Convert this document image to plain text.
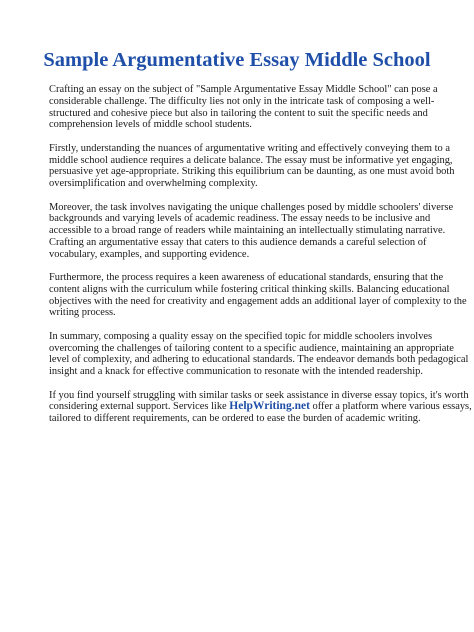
Sample Argumentative Essay Middle School

Crafting an essay on the subject of "Sample Argumentative Essay Middle School" can pose a
considerable challenge. The difficulty lies not only in the intricate task of composing a well-
structured and cohesive piece but also in tailoring the content to suit the specific needs and
comprehension levels of middle school students.

Firstly, understanding the nuances of argumentative writing and effectively conveying them to a
middle school audience requires a delicate balance. The essay must be informative yet engaging,
persuasive yet age-appropriate. Striking this equilibrium can be daunting, as one must avoid both
oversimplification and overwhelming complexity.

Moreover, the task involves navigating the unique challenges posed by middle schoolers' diverse
backgrounds and varying levels of academic readiness. The essay needs to be inclusive and
accessible to a broad range of readers while maintaining an intellectually stimulating narrative.
Crafting an argumentative essay that caters to this audience demands a careful selection of
vocabulary, examples, and supporting evidence.

Furthermore, the process requires a keen awareness of educational standards, ensuring that the
content aligns with the curriculum while fostering critical thinking skills. Balancing educational
objectives with the need for creativity and engagement adds an additional layer of complexity to the
writing process.

In summary, composing a quality essay on the specified topic for middle schoolers involves
overcoming the challenges of tailoring content to a specific audience, maintaining an appropriate
level of complexity, and adhering to educational standards. The endeavor demands both pedagogical
insight and a knack for effective communication to resonate with the intended readership.

If you find yourself struggling with similar tasks or seek assistance in diverse essay topics, it's worth
considering external support. Services like HelpWriting.net offer a platform where various essays,
tailored to different requirements, can be ordered to ease the burden of academic writing.
